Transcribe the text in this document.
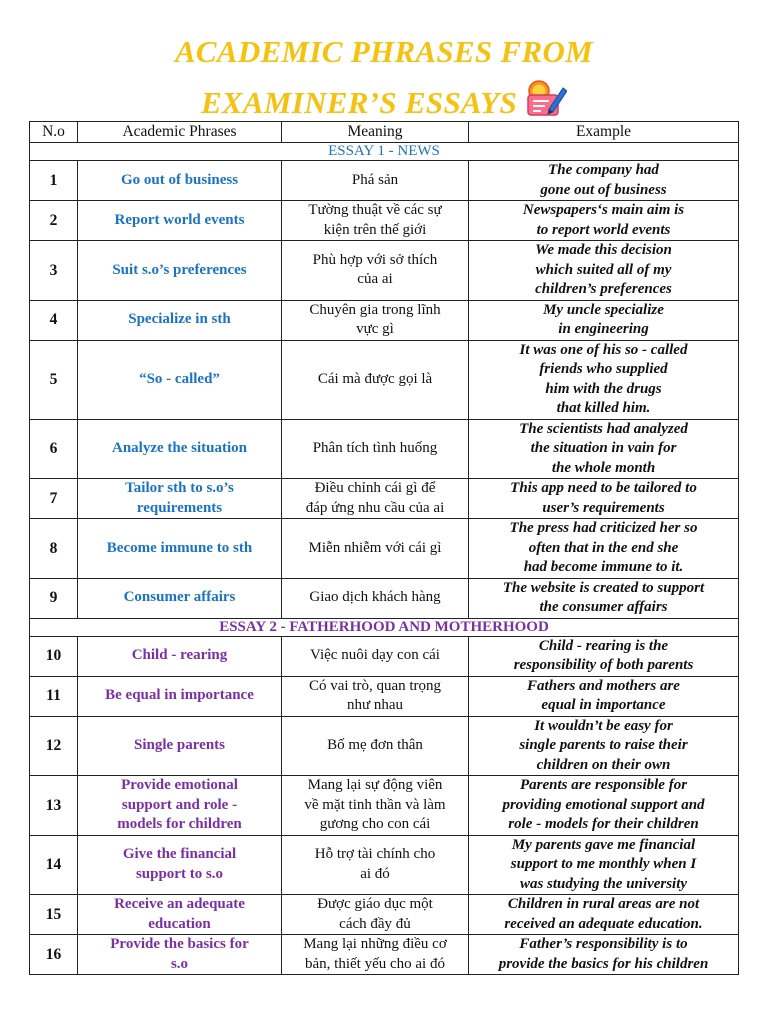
ACADEMIC PHRASES FROM
EXAMINER’S ESSAYS
N.o	Academic Phrases	Meaning	Example
ESSAY 1 - NEWS			
1	Go out of business	Phá sản	The company had
gone out of business
2	Report world events	Tường thuật về các sự
kiện trên thế giới	Newspapers‘s main aim is
to report world events
3	Suit s.o’s preferences	Phù hợp với sở thích
của ai	We made this decision
which suited all of my
children’s preferences
4	Specialize in sth	Chuyên gia trong lĩnh
vực gì	My uncle specialize
in engineering
5	“So - called”	Cái mà được gọi là	It was one of his so - called
friends who supplied
him with the drugs
that killed him.
6	Analyze the situation	Phân tích tình huống	The scientists had analyzed
the situation in vain for
the whole month
7	Tailor sth to s.o’s
requirements	Điều chỉnh cái gì để
đáp ứng nhu cầu của ai	This app need to be tailored to
user’s requirements
8	Become immune to sth	Miễn nhiễm với cái gì	The press had criticized her so
often that in the end she
had become immune to it.
9	Consumer affairs	Giao dịch khách hàng	The website is created to support
the consumer affairs
ESSAY 2 - FATHERHOOD AND MOTHERHOOD			
10	Child - rearing	Việc nuôi dạy con cái	Child - rearing is the
responsibility of both parents
11	Be equal in importance	Có vai trò, quan trọng
như nhau	Fathers and mothers are
equal in importance
12	Single parents	Bố mẹ đơn thân	It wouldn’t be easy for
single parents to raise their
children on their own
13	Provide emotional
support and role -
models for children	Mang lại sự động viên
về mặt tinh thần và làm
gương cho con cái	Parents are responsible for
providing emotional support and
role - models for their children
14	Give the financial
support to s.o	Hỗ trợ tài chính cho
ai đó	My parents gave me financial
support to me monthly when I
was studying the university
15	Receive an adequate
education	Được giáo dục một
cách đầy đủ	Children in rural areas are not
received an adequate education.
16	Provide the basics for
s.o	Mang lại những điều cơ
bản, thiết yếu cho ai đó	Father’s responsibility is to
provide the basics for his children
